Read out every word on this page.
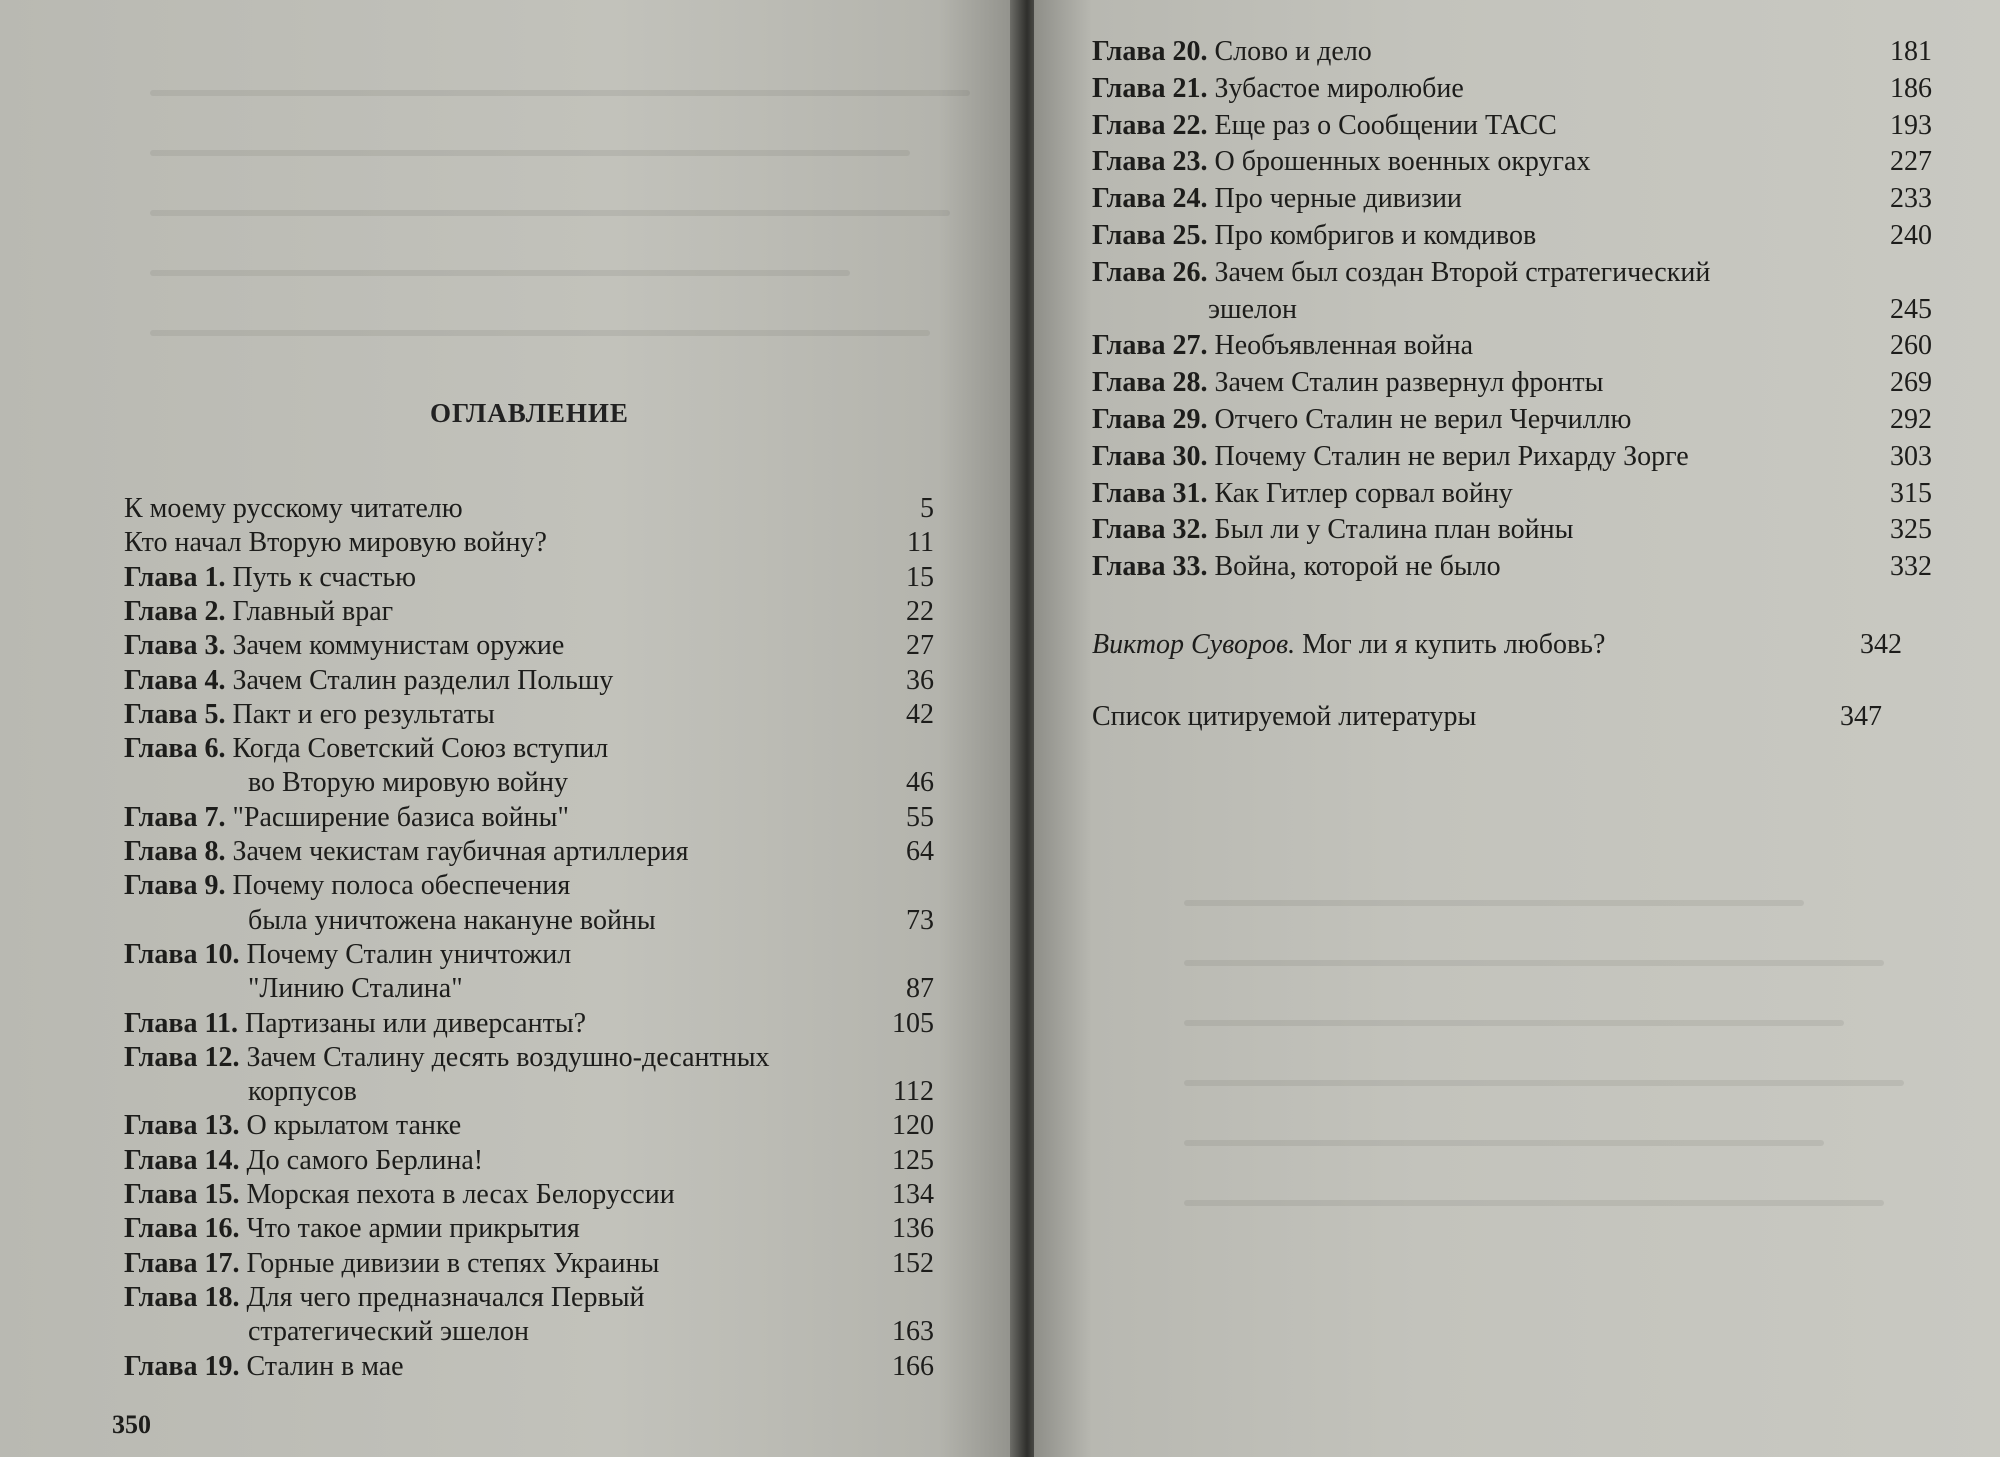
ОГЛАВЛЕНИЕ
350
К моему русскому читателю	5
Кто начал Вторую мировую войну?	11
Глава 1. Путь к счастью	15
Глава 2. Главный враг	22
Глава 3. Зачем коммунистам оружие	27
Глава 4. Зачем Сталин разделил Польшу	36
Глава 5. Пакт и его результаты	42
Глава 6. Когда Советский Союз вступил
во Вторую мировую войну	46
Глава 7. "Расширение базиса войны"	55
Глава 8. Зачем чекистам гаубичная артиллерия	64
Глава 9. Почему полоса обеспечения
была уничтожена накануне войны	73
Глава 10. Почему Сталин уничтожил
"Линию Сталина"	87
Глава 11. Партизаны или диверсанты?	105
Глава 12. Зачем Сталину десять воздушно-десантных
корпусов	112
Глава 13. О крылатом танке	120
Глава 14. До самого Берлина!	125
Глава 15. Морская пехота в лесах Белоруссии	134
Глава 16. Что такое армии прикрытия	136
Глава 17. Горные дивизии в степях Украины	152
Глава 18. Для чего предназначался Первый
стратегический эшелон	163
Глава 19. Сталин в мае	166
Виктор Суворов. Мог ли я купить любовь?	342
Список цитируемой литературы	347
Глава 20. Слово и дело	181
Глава 21. Зубастое миролюбие	186
Глава 22. Еще раз о Сообщении ТАСС	193
Глава 23. О брошенных военных округах	227
Глава 24. Про черные дивизии	233
Глава 25. Про комбригов и комдивов	240
Глава 26. Зачем был создан Второй стратегический
эшелон	245
Глава 27. Необъявленная война	260
Глава 28. Зачем Сталин развернул фронты	269
Глава 29. Отчего Сталин не верил Черчиллю	292
Глава 30. Почему Сталин не верил Рихарду Зорге	303
Глава 31. Как Гитлер сорвал войну	315
Глава 32. Был ли у Сталина план войны	325
Глава 33. Война, которой не было	332
